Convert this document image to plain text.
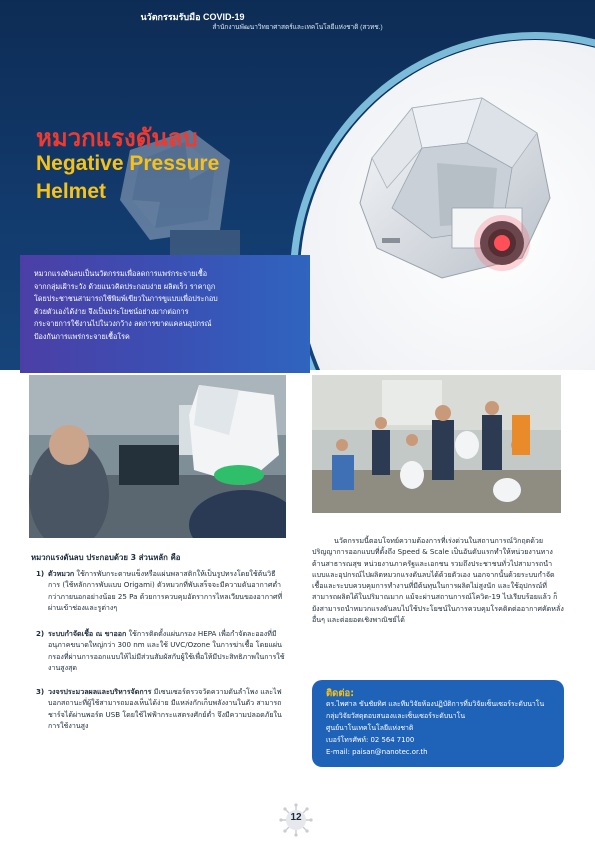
นวัตกรรมรับมือ COVID-19
สำนักงานพัฒนาวิทยาศาสตร์และเทคโนโลยีแห่งชาติ (สวทช.)
หมวกแรงดันลบ
Negative Pressure
Helmet
หมวกแรงดันลบเป็นนวัตกรรมเพื่อลดการแพร่กระจายเชื้อ
จากกลุ่มเฝ้าระวัง ด้วยแนวคิดประกอบง่าย ผลิตเร็ว ราคาถูก
โดยประชาชนสามารถใช้พิมพ์เขียวในการขูแบบเพื่อประกอบ
ด้วยตัวเองได้ง่าย จึงเป็นประโยชน์อย่างมากต่อการ
กระจายการใช้งานไปในวงกว้าง ลดการขาดแคลนอุปกรณ์
ป้องกันการแพร่กระจายเชื้อโรค
หมวกแรงดันลบ ประกอบด้วย 3 ส่วนหลัก คือ
1) ตัวหมวก ใช้การพับกระดาษแข็งหรือแผ่นพลาสติกให้เป็นรูปทรงโดยใช้ต้นวิธีการ (ใช้หลักการพับแบบ Origami) ตัวหมวกที่พับเสร็จจะมีความดันอากาศต่ำกว่าภายนอกอย่างน้อย 25 Pa ด้วยการควบคุมอัตราการไหลเวียนของอากาศที่ผ่านเข้าช่องและรูต่างๆ
2) ระบบกำจัดเชื้อ ณ ขาออก ใช้การติดตั้งแผ่นกรอง HEPA เพื่อกำจัดละอองที่มีอนุภาคขนาดใหญ่กว่า 300 nm และใช้ UVC/Ozone ในการฆ่าเชื้อ โดยแผ่นกรองที่ผ่านการออกแบบให้ไม่มีส่วนสัมผัสกับผู้ใช้เพื่อให้มีประสิทธิภาพในการใช้งานสูงสุด
3) วงจรประมวลผลและบริหารจัดการ มีเซนเซอร์ตรวจวัดความดันลำโพง และไฟบอกสถานะที่ผู้ใช้สามารถมองเห็นได้ง่าย มีแหล่งกักเก็บพลังงานในตัว สามารถชาร์จได้ผ่านพอร์ต USB โดยใช้ไฟฟ้ากระแสตรงศักย์ต่ำ จึงมีความปลอดภัยในการใช้งานสูง
นวัตกรรมนี้ตอบโจทย์ความต้องการที่เร่งด่วนในสถานการณ์วิกฤตด้วยปริญญาการออกแบบที่ตั้งถึง Speed & Scale เป็นอันดับแรกทำให้หน่วยงานทางด้านสาธารณสุข หน่วยงานภาครัฐและเอกชน รวมถึงประชาชนทั่วไปสามารถนำแบบและอุปกรณ์ไปผลิตหมวกแรงดันลบได้ด้วยตัวเอง นอกจากนั้นด้วยระบบกำจัดเชื้อและระบบควบคุมการทำงานที่มีต้นทุนในการผลิตไม่สูงนัก และใช้อุปกรณ์ที่สามารถผลิตได้ในปริมาณมาก แม้จะผ่านสถานการณ์โควิด-19 ไปเรียบร้อยแล้ว ก็ยังสามารถนำหมวกแรงดันลบไปใช้ประโยชน์ในการควบคุมโรคติดต่ออากาศคัดหลั่งอื่นๆ และต่อยอดเชิงพาณิชย์ได้
ติดต่อ:
ดร.ไพศาล ขันชัยทิศ และทีมวิจัยห้องปฏิบัติการที่มวิจัยเซ็นเซอร์ระดับนาโน
กลุ่มวิจัยวัสดุตอบสนองและเซ็นเซอร์ระดับนาโน
ศูนย์นาโนเทคโนโลยีแห่งชาติ
เบอร์โทรศัพท์: 02 564 7100
E-mail: paisan@nanotec.or.th
12
